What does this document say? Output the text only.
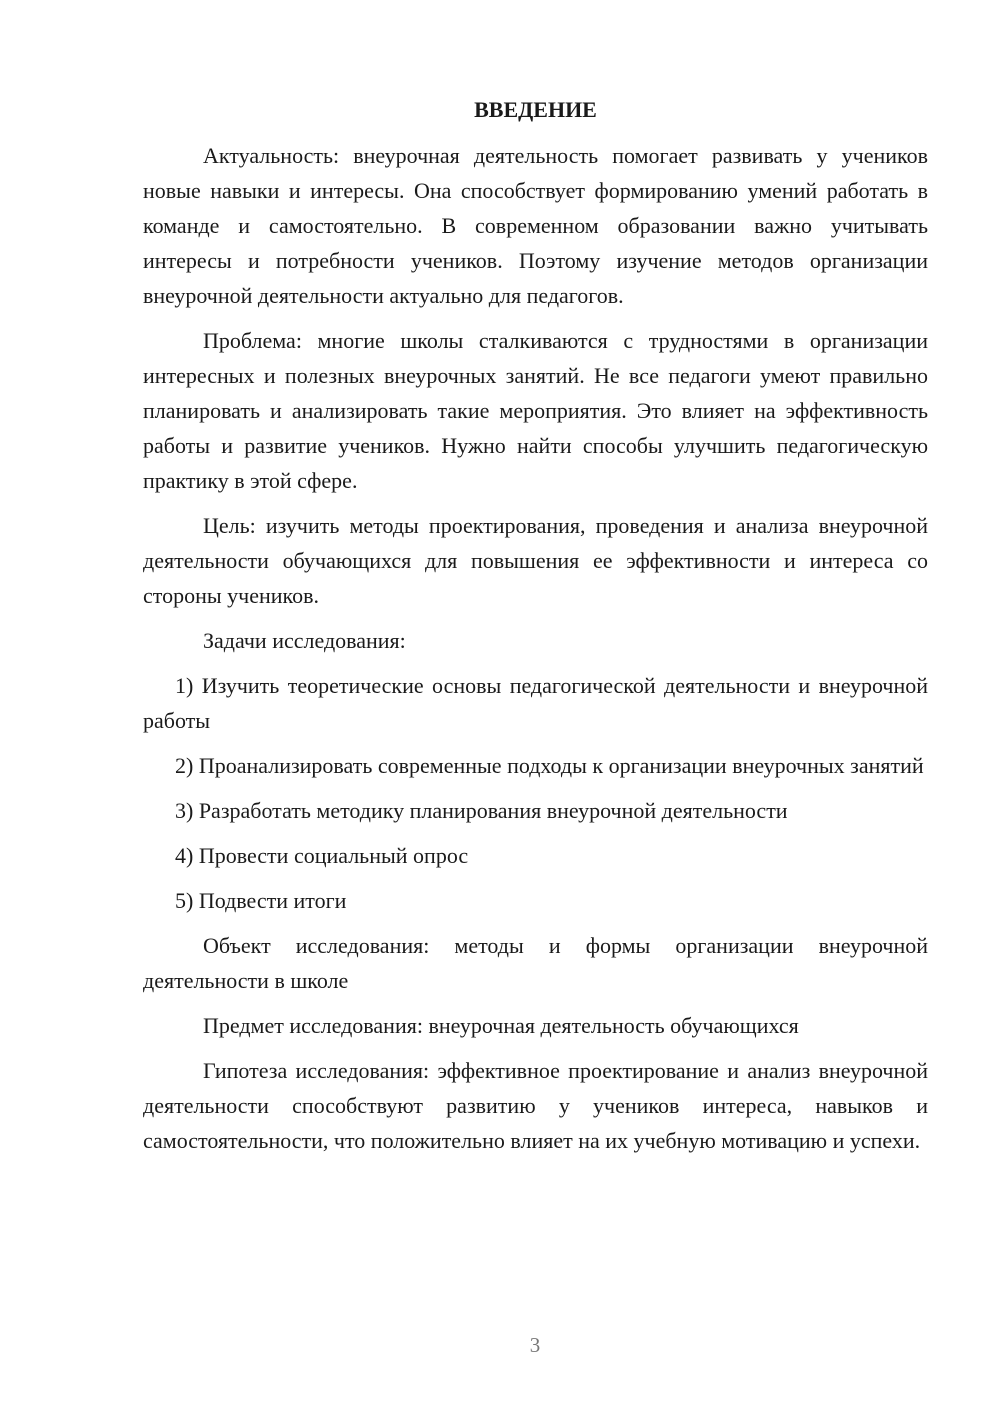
ВВЕДЕНИЕ

Актуальность: внеурочная деятельность помогает развивать у учеников новые навыки и интересы. Она способствует формированию умений работать в команде и самостоятельно. В современном образовании важно учитывать интересы и потребности учеников. Поэтому изучение методов организации внеурочной деятельности актуально для педагогов.

Проблема: многие школы сталкиваются с трудностями в организации интересных и полезных внеурочных занятий. Не все педагоги умеют правильно планировать и анализировать такие мероприятия. Это влияет на эффективность работы и развитие учеников. Нужно найти способы улучшить педагогическую практику в этой сфере.

Цель: изучить методы проектирования, проведения и анализа внеурочной деятельности обучающихся для повышения ее эффективности и интереса со стороны учеников.

Задачи исследования:

1) Изучить теоретические основы педагогической деятельности и внеурочной работы

2) Проанализировать современные подходы к организации внеурочных занятий

3) Разработать методику планирования внеурочной деятельности

4) Провести социальный опрос

5) Подвести итоги

Объект исследования: методы и формы организации внеурочной деятельности в школе

Предмет исследования: внеурочная деятельность обучающихся

Гипотеза исследования: эффективное проектирование и анализ внеурочной деятельности способствуют развитию у учеников интереса, навыков и самостоятельности, что положительно влияет на их учебную мотивацию и успехи.

3
